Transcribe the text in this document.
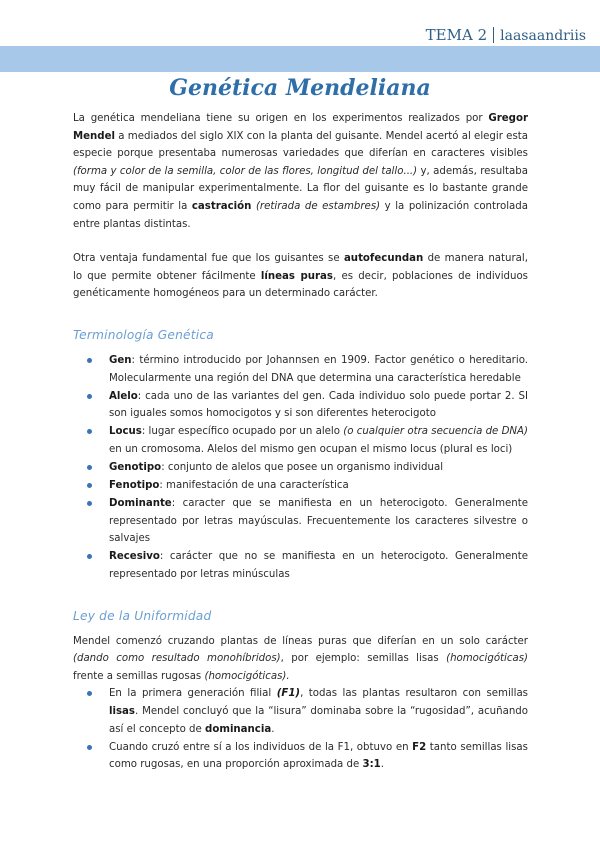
TEMA 2 laasaandriis
Genética Mendeliana

La genética mendeliana tiene su origen en los experimentos realizados por Gregor Mendel a mediados del siglo XIX con la planta del guisante. Mendel acertó al elegir esta especie porque presentaba numerosas variedades que diferían en caracteres visibles (forma y color de la semilla, color de las flores, longitud del tallo...) y, además, resultaba muy fácil de manipular experimentalmente. La flor del guisante es lo bastante grande como para permitir la castración (retirada de estambres) y la polinización controlada entre plantas distintas.

Otra ventaja fundamental fue que los guisantes se autofecundan de manera natural, lo que permite obtener fácilmente líneas puras, es decir, poblaciones de individuos genéticamente homogéneos para un determinado carácter.

Terminología Genética
Gen: término introducido por Johannsen en 1909. Factor genético o hereditario. Molecularmente una región del DNA que determina una característica heredable
Alelo: cada uno de las variantes del gen. Cada individuo solo puede portar 2. SI son iguales somos homocigotos y si son diferentes heterocigoto
Locus: lugar específico ocupado por un alelo (o cualquier otra secuencia de DNA) en un cromosoma. Alelos del mismo gen ocupan el mismo locus (plural es loci)
Genotipo: conjunto de alelos que posee un organismo individual
Fenotipo: manifestación de una característica
Dominante: caracter que se manifiesta en un heterocigoto. Generalmente representado por letras mayúsculas. Frecuentemente los caracteres silvestre o salvajes
Recesivo: carácter que no se manifiesta en un heterocigoto. Generalmente representado por letras minúsculas
Ley de la Uniformidad

Mendel comenzó cruzando plantas de líneas puras que diferían en un solo carácter (dando como resultado monohíbridos), por ejemplo: semillas lisas (homocigóticas) frente a semillas rugosas (homocigóticas).

En la primera generación filial (F1), todas las plantas resultaron con semillas lisas. Mendel concluyó que la “lisura” dominaba sobre la “rugosidad”, acuñando así el concepto de dominancia.
Cuando cruzó entre sí a los individuos de la F1, obtuvo en F2 tanto semillas lisas como rugosas, en una proporción aproximada de 3:1.
